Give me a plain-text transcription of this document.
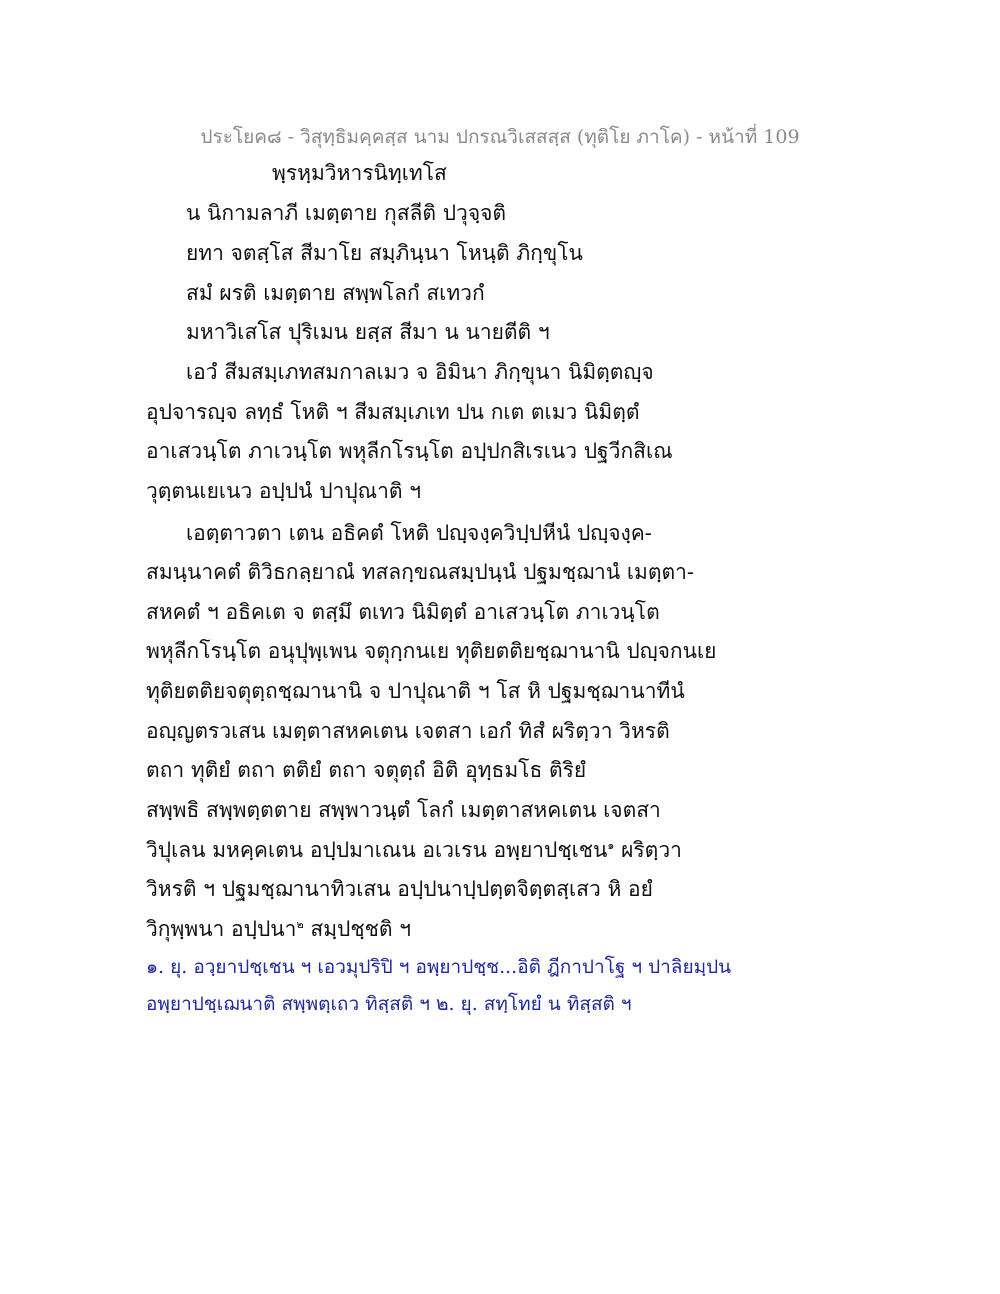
ประโยค๘ - วิสุทฺธิมคฺคสฺส นาม ปกรณวิเสสสฺส (ทุติโย ภาโค) - หน้าที่ 109
พฺรหฺมวิหารนิทฺเทโส
น นิกามลาภี เมตฺตาย กุสลีติ ปวุจฺจติ
ยทา จตสฺโส สีมาโย สมฺภินฺนา โหนฺติ ภิกฺขุโน
สมํ ผรติ เมตฺตาย สพฺพโลกํ สเทวกํ
มหาวิเสโส ปุริเมน ยสฺส สีมา น นายตีติ ฯ
เอวํ สีมสมฺเภทสมกาลเมว จ อิมินา ภิกฺขุนา นิมิตฺตญฺจ
อุปจารญฺจ ลทฺธํ โหติ ฯ สีมสมฺเภเท ปน กเต ตเมว นิมิตฺตํ
อาเสวนฺโต ภาเวนฺโต พหุลีกโรนฺโต อปฺปกสิเรเนว ปฐวีกสิเณ
วุตฺตนเยเนว อปฺปนํ ปาปุณาติ ฯ
เอตฺตาวตา เตน อธิคตํ โหติ ปญฺจงฺควิปฺปหีนํ ปญฺจงฺค-
สมนฺนาคตํ ติวิธกลฺยาณํ ทสลกฺขณสมฺปนฺนํ ปฐมชฺฌานํ เมตฺตา-
สหคตํ ฯ อธิคเต จ ตสฺมึ ตเทว นิมิตฺตํ อาเสวนฺโต ภาเวนฺโต
พหุลีกโรนฺโต อนุปุพฺเพน จตุกฺกนเย ทุติยตติยชฺฌานานิ ปญฺจกนเย
ทุติยตติยจตุตฺถชฺฌานานิ จ ปาปุณาติ ฯ โส หิ ปฐมชฺฌานาทีนํ
อญฺญตรวเสน เมตฺตาสหคเตน เจตสา เอกํ ทิสํ ผริตฺวา วิหรติ
ตถา ทุติยํ ตถา ตติยํ ตถา จตุตฺถํ อิติ อุทฺธมโธ ติริยํ
สพฺพธิ สพฺพตฺตตาย สพฺพาวนฺตํ โลกํ เมตฺตาสหคเตน เจตสา
วิปุเลน มหคฺคเตน อปฺปมาเณน อเวเรน อพฺยาปชฺเชน$^๑$ ผริตฺวา
วิหรติ ฯ ปฐมชฺฌานาทิวเสน อปฺปนาปฺปตฺตจิตฺตสฺเสว หิ อยํ
วิกุพฺพนา อปฺปนา$^๒$ สมฺปชฺชติ ฯ
๑. ยุ. อวฺยาปชฺเชน ฯ เอวมุปริปิ ฯ อพฺยาปชฺช...อิติ ฎีกาปาโฐ ฯ ปาลิยมฺปน
อพฺยาปชฺเฌนาติ สพฺพตฺเถว ทิสฺสติ ฯ ๒. ยุ. สทฺโทยํ น ทิสฺสติ ฯ
